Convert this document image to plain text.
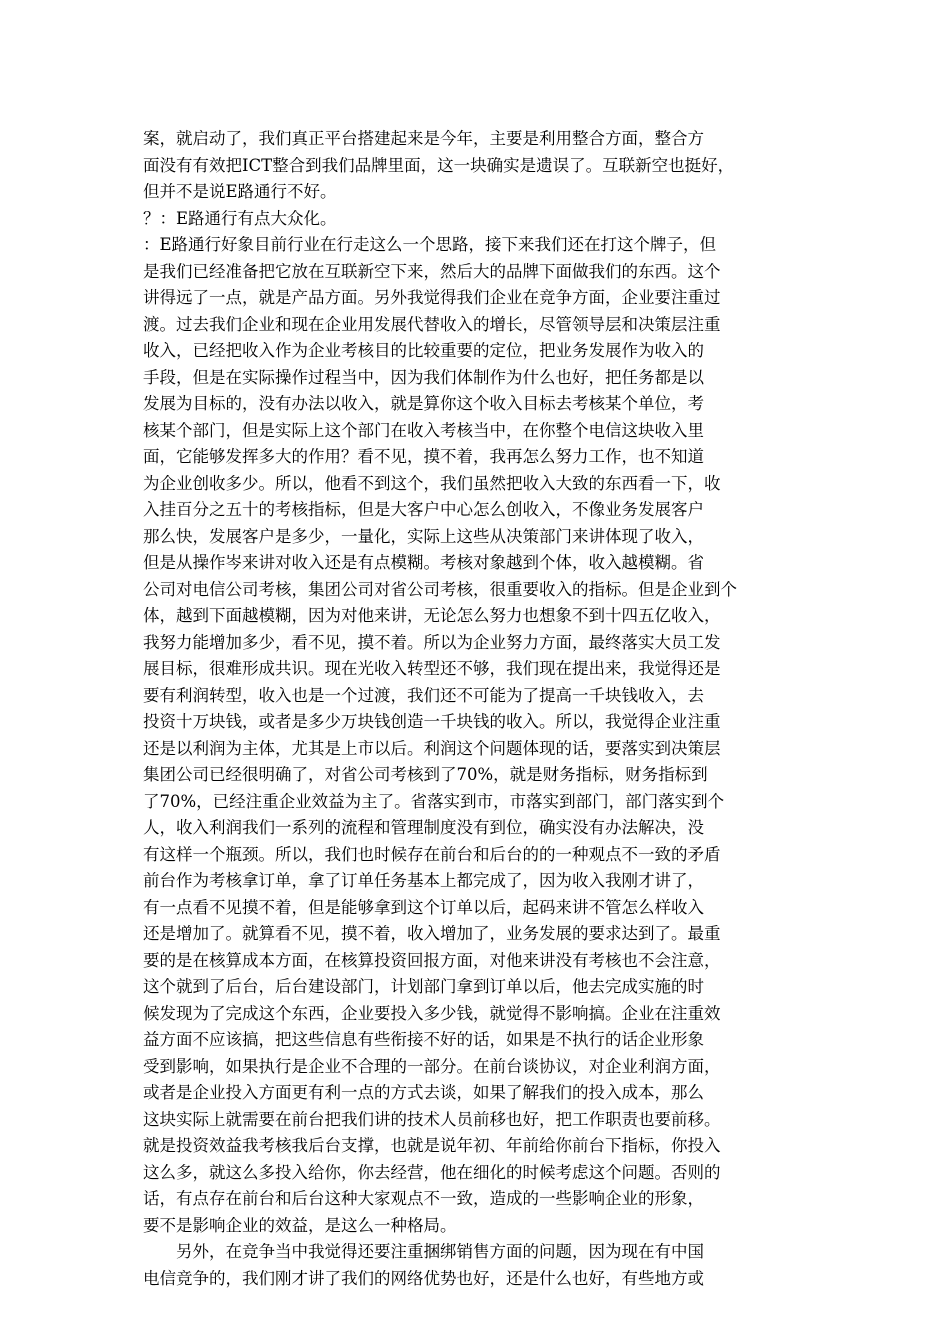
案，就启动了，我们真正平台搭建起来是今年，主要是利用整合方面，整合方
面没有有效把ICT整合到我们品牌里面，这一块确实是遗误了。互联新空也挺好，
但并不是说E路通行不好。
？：E路通行有点大众化。
：E路通行好象目前行业在行走这么一个思路，接下来我们还在打这个牌子，但
是我们已经准备把它放在互联新空下来，然后大的品牌下面做我们的东西。这个
讲得远了一点，就是产品方面。另外我觉得我们企业在竞争方面，企业要注重过
渡。过去我们企业和现在企业用发展代替收入的增长，尽管领导层和决策层注重
收入，已经把收入作为企业考核目的比较重要的定位，把业务发展作为收入的
手段，但是在实际操作过程当中，因为我们体制作为什么也好，把任务都是以
发展为目标的，没有办法以收入，就是算你这个收入目标去考核某个单位，考
核某个部门，但是实际上这个部门在收入考核当中，在你整个电信这块收入里
面，它能够发挥多大的作用？看不见，摸不着，我再怎么努力工作，也不知道
为企业创收多少。所以，他看不到这个，我们虽然把收入大致的东西看一下，收
入挂百分之五十的考核指标，但是大客户中心怎么创收入，不像业务发展客户
那么快，发展客户是多少，一量化，实际上这些从决策部门来讲体现了收入，
但是从操作岑来讲对收入还是有点模糊。考核对象越到个体，收入越模糊。省
公司对电信公司考核，集团公司对省公司考核，很重要收入的指标。但是企业到个
体，越到下面越模糊，因为对他来讲，无论怎么努力也想象不到十四五亿收入，
我努力能增加多少，看不见，摸不着。所以为企业努力方面，最终落实大员工发
展目标，很难形成共识。现在光收入转型还不够，我们现在提出来，我觉得还是
要有利润转型，收入也是一个过渡，我们还不可能为了提高一千块钱收入，去
投资十万块钱，或者是多少万块钱创造一千块钱的收入。所以，我觉得企业注重
还是以利润为主体，尤其是上市以后。利润这个问题体现的话，要落实到决策层
集团公司已经很明确了，对省公司考核到了70%，就是财务指标，财务指标到
了70%，已经注重企业效益为主了。省落实到市，市落实到部门，部门落实到个
人，收入利润我们一系列的流程和管理制度没有到位，确实没有办法解决，没
有这样一个瓶颈。所以，我们也时候存在前台和后台的的一种观点不一致的矛盾
前台作为考核拿订单，拿了订单任务基本上都完成了，因为收入我刚才讲了，
有一点看不见摸不着，但是能够拿到这个订单以后，起码来讲不管怎么样收入
还是增加了。就算看不见，摸不着，收入增加了，业务发展的要求达到了。最重
要的是在核算成本方面，在核算投资回报方面，对他来讲没有考核也不会注意，
这个就到了后台，后台建设部门，计划部门拿到订单以后，他去完成实施的时
候发现为了完成这个东西，企业要投入多少钱，就觉得不影响搞。企业在注重效
益方面不应该搞，把这些信息有些衔接不好的话，如果是不执行的话企业形象
受到影响，如果执行是企业不合理的一部分。在前台谈协议，对企业利润方面，
或者是企业投入方面更有利一点的方式去谈，如果了解我们的投入成本，那么
这块实际上就需要在前台把我们讲的技术人员前移也好，把工作职责也要前移。
就是投资效益我考核我后台支撑，也就是说年初、年前给你前台下指标，你投入
这么多，就这么多投入给你，你去经营，他在细化的时候考虑这个问题。否则的
话，有点存在前台和后台这种大家观点不一致，造成的一些影响企业的形象，
要不是影响企业的效益，是这么一种格局。
另外，在竞争当中我觉得还要注重捆绑销售方面的问题，因为现在有中国
电信竞争的，我们刚才讲了我们的网络优势也好，还是什么也好，有些地方或
